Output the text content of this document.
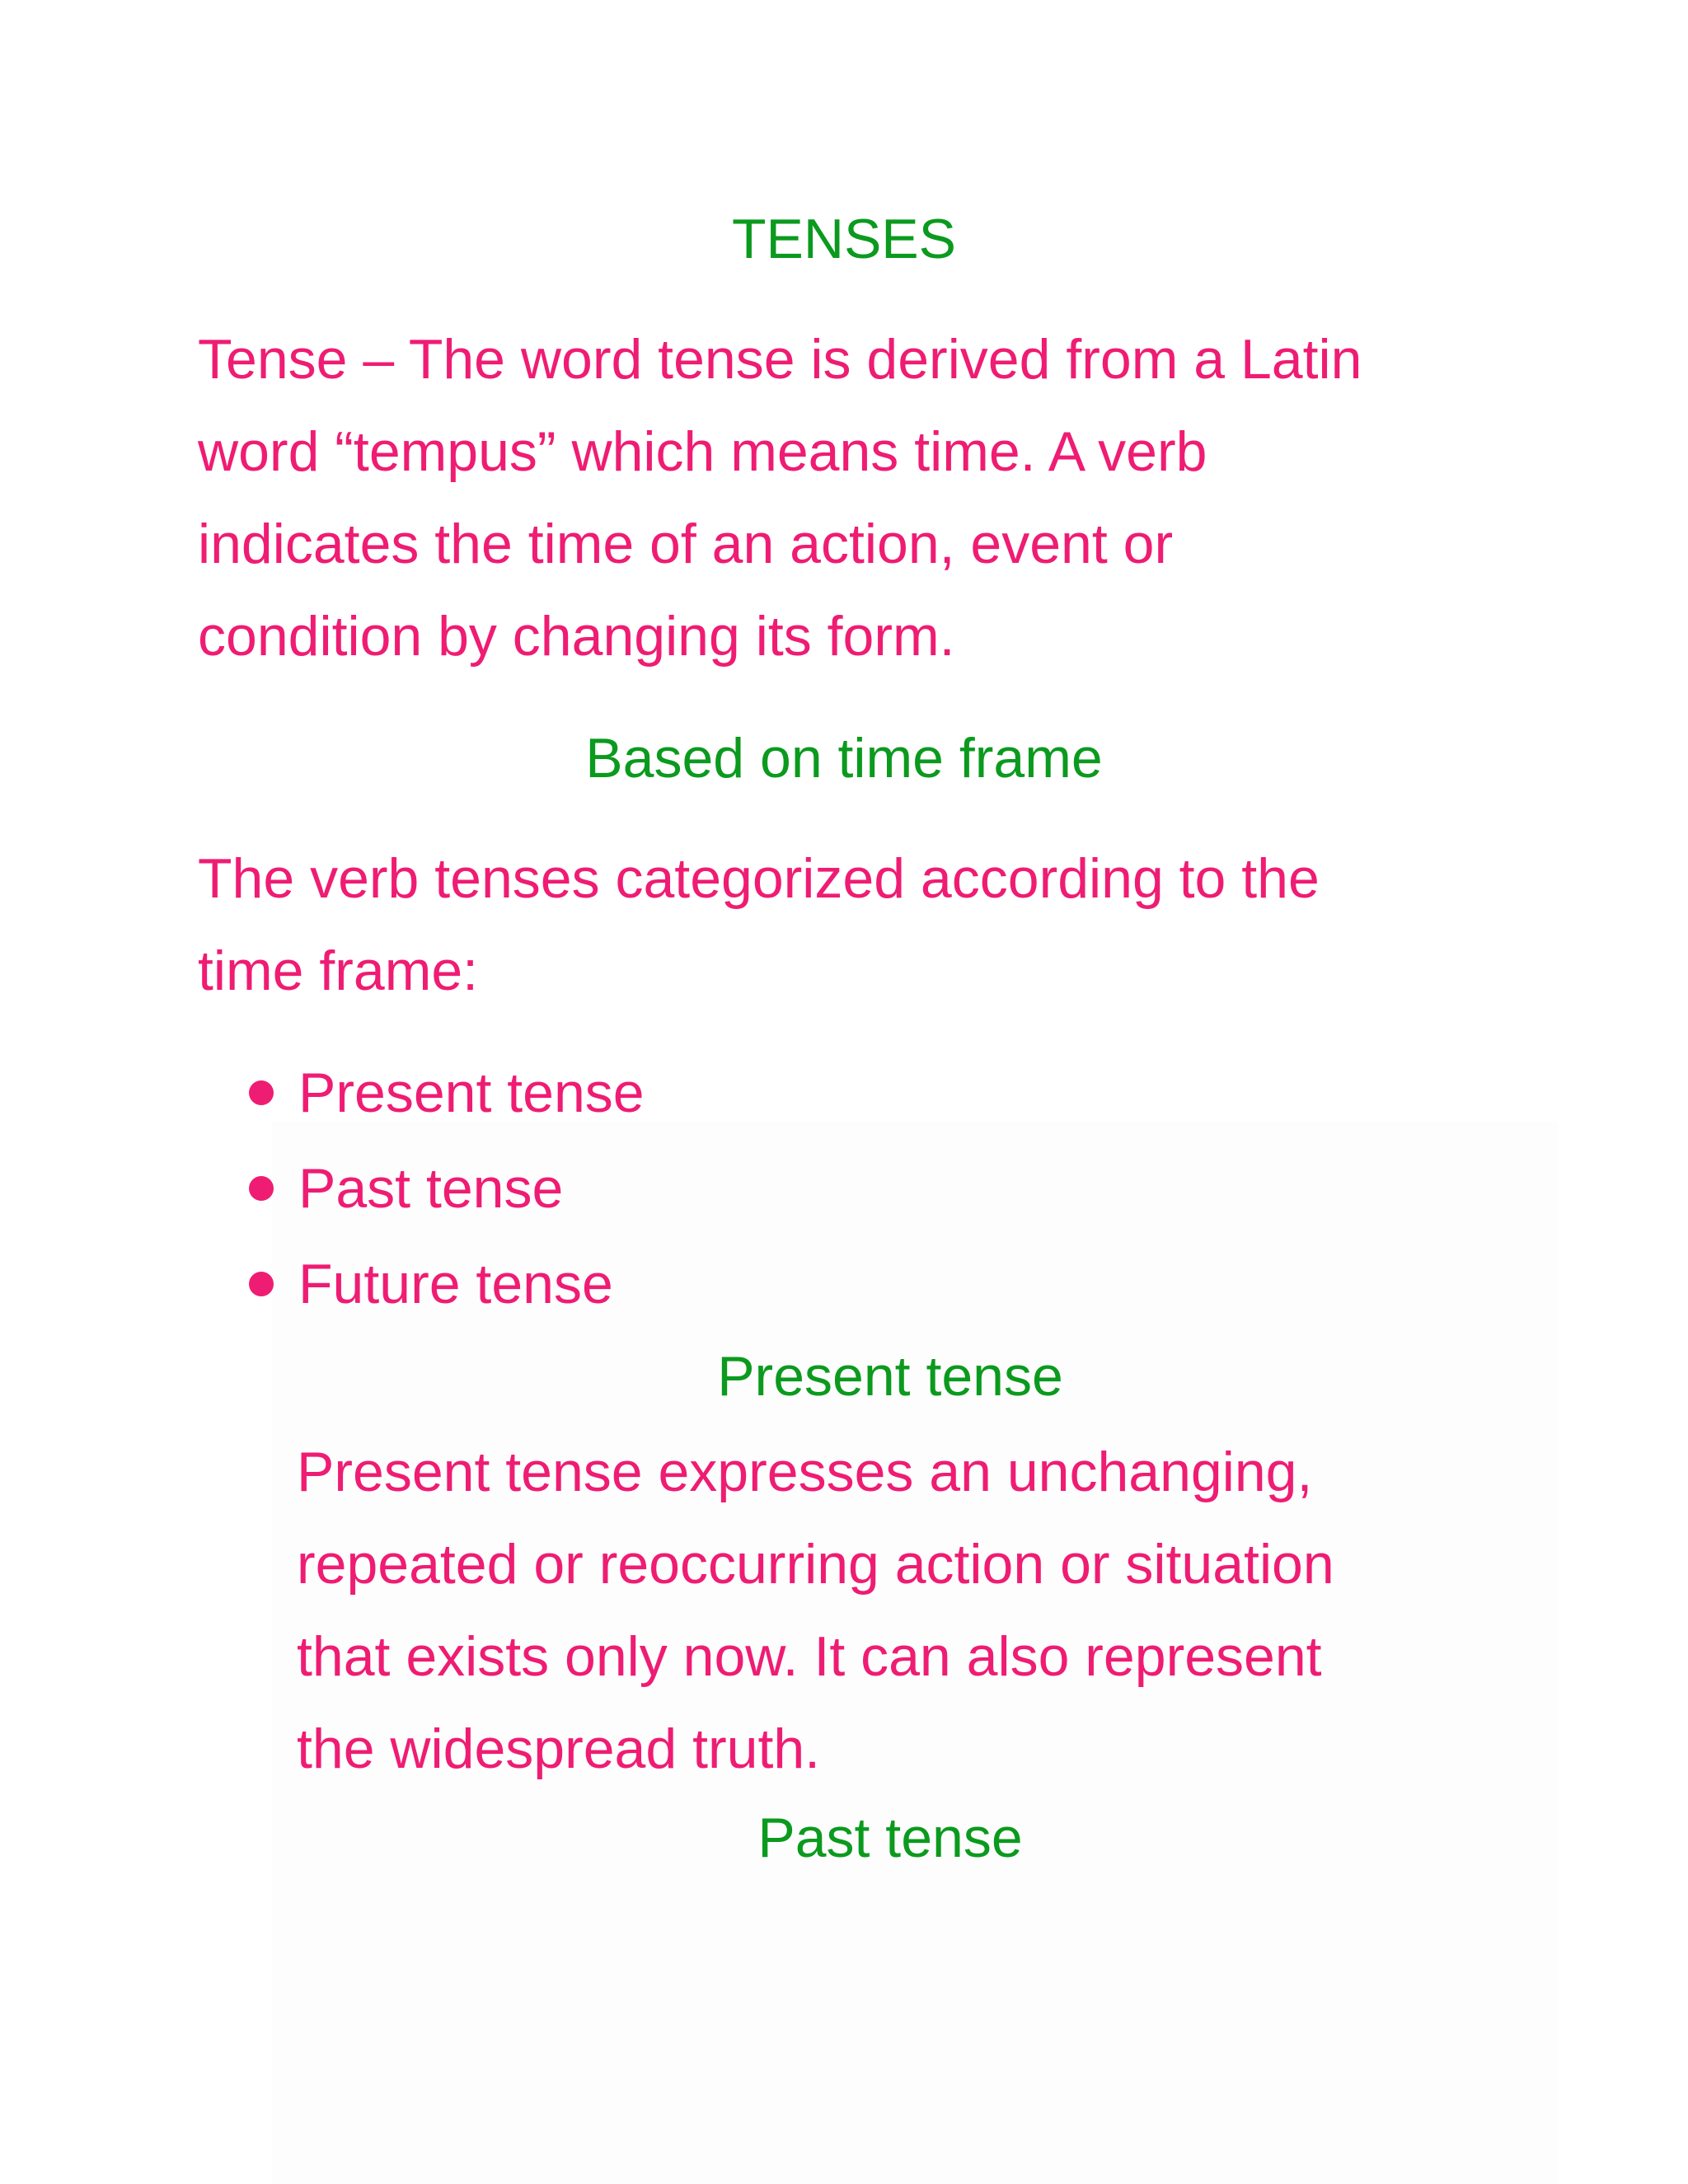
TENSES

Tense – The word tense is derived from a Latin
word “tempus” which means time. A verb
indicates the time of an action, event or
condition by changing its form.

Based on time frame

The verb tenses categorized according to the
time frame:

Present tense
Past tense
Future tense
Present tense

Present tense expresses an unchanging,
repeated or reoccurring action or situation
that exists only now. It can also represent
the widespread truth.

Past tense
